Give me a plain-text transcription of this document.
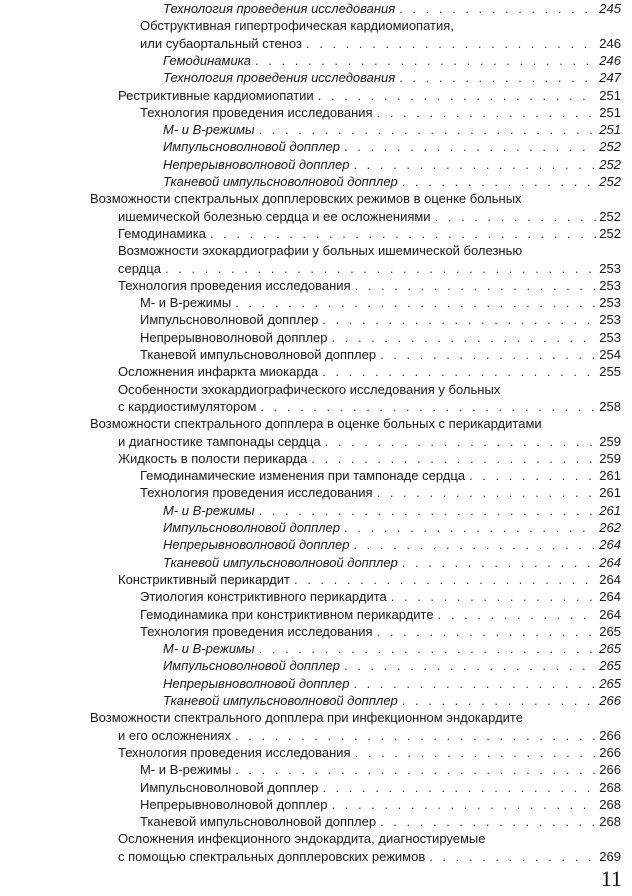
Технология проведения исследования . . .	245
Обструктивная гипертрофическая кардиомиопатия,
или субаортальный стеноз . . .	246
Гемодинамика . . .	246
Технология проведения исследования . . .	247
Рестриктивные кардиомиопатии . . .	251
Технология проведения исследования . . .	251
М- и В-режимы . . .	251
Импульсноволновой допплер . . .	252
Непрерывноволновой допплер . . .	252
Тканевой импульсноволновой допплер . . .	252
Возможности спектральных допплеровских режимов в оценке больных
ишемической болезнью сердца и ее осложнениями . . .	252
Гемодинамика . . .	252
Возможности эхокардиографии у больных ишемической болезнью
сердца . . .	253
Технология проведения исследования . . .	253
М- и В-режимы . . .	253
Импульсноволновой допплер . . .	253
Непрерывноволновой допплер . . .	253
Тканевой импульсноволновой допплер . . .	254
Осложнения инфаркта миокарда . . .	255
Особенности эхокардиографического исследования у больных
с кардиостимулятором . . .	258
Возможности спектрального допплера в оценке больных с перикардитами
и диагностике тампонады сердца . . .	259
Жидкость в полости перикарда . . .	259
Гемодинамические изменения при тампонаде сердца . . .	261
Технология проведения исследования . . .	261
М- и В-режимы . . .	261
Импульсноволновой допплер . . .	262
Непрерывноволновой допплер . . .	264
Тканевой импульсноволновой допплер . . .	264
Констриктивный перикардит . . .	264
Этиология констриктивного перикардита . . .	264
Гемодинамика при констриктивном перикардите . . .	264
Технология проведения исследования . . .	265
М- и В-режимы . . .	265
Импульсноволновой допплер . . .	265
Непрерывноволновой допплер . . .	265
Тканевой импульсноволновой допплер . . .	266
Возможности спектрального допплера при инфекционном эндокардите
и его осложнениях . . .	266
Технология проведения исследования . . .	266
М- и В-режимы . . .	266
Импульсноволновой допплер . . .	268
Непрерывноволновой допплер . . .	268
Тканевой импульсноволновой допплер . . .	268
Осложнения инфекционного эндокардита, диагностируемые
с помощью спектральных допплеровских режимов . . .	269
11
